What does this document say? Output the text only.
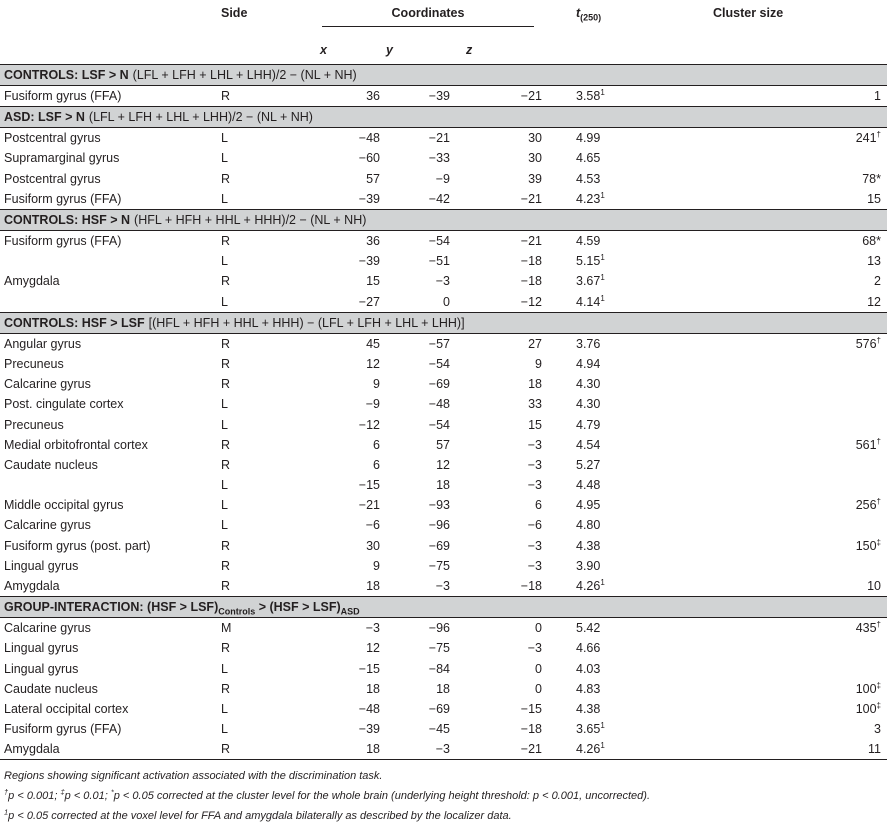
	Side	Coordinates			$t_{(250)}$	Cluster size
		x	y	z		
CONTROLS: LSF > N (LFL + LFH + LHL + LHH)/2 − (NL + NH)						
Fusiform gyrus (FFA)	R	36	−39	−21	3.58$^1$	1
ASD: LSF > N (LFL + LFH + LHL + LHH)/2 − (NL + NH)						
Postcentral gyrus	L	−48	−21	30	4.99	241†
Supramarginal gyrus	L	−60	−33	30	4.65	
Postcentral gyrus	R	57	−9	39	4.53	78*
Fusiform gyrus (FFA)	L	−39	−42	−21	4.23$^1$	15
CONTROLS: HSF > N (HFL + HFH + HHL + HHH)/2 − (NL + NH)						
Fusiform gyrus (FFA)	R	36	−54	−21	4.59	68*
	L	−39	−51	−18	5.15$^1$	13
Amygdala	R	15	−3	−18	3.67$^1$	2
	L	−27	0	−12	4.14$^1$	12
CONTROLS: HSF > LSF [(HFL + HFH + HHL + HHH) − (LFL + LFH + LHL + LHH)]						
Angular gyrus	R	45	−57	27	3.76	576†
Precuneus	R	12	−54	9	4.94	
Calcarine gyrus	R	9	−69	18	4.30	
Post. cingulate cortex	L	−9	−48	33	4.30	
Precuneus	L	−12	−54	15	4.79	
Medial orbitofrontal cortex	R	6	57	−3	4.54	561†
Caudate nucleus	R	6	12	−3	5.27	
	L	−15	18	−3	4.48	
Middle occipital gyrus	L	−21	−93	6	4.95	256†
Calcarine gyrus	L	−6	−96	−6	4.80	
Fusiform gyrus (post. part)	R	30	−69	−3	4.38	150‡
Lingual gyrus	R	9	−75	−3	3.90	
Amygdala	R	18	−3	−18	4.26$^1$	10
GROUP-INTERACTION: $(HSF > LSF)_{Controls} > (HSF > LSF)_{ASD}$
Calcarine gyrus	M	−3	−96	0	5.42	435†
Lingual gyrus	R	12	−75	−3	4.66	
Lingual gyrus	L	−15	−84	0	4.03	
Caudate nucleus	R	18	18	0	4.83	100‡
Lateral occipital cortex	L	−48	−69	−15	4.38	100‡
Fusiform gyrus (FFA)	L	−39	−45	−18	3.65$^1$	3
Amygdala	R	18	−3	−21	4.26$^1$	11
Regions showing significant activation associated with the discrimination task.
†p < 0.001; ‡p < 0.01; *p < 0.05 corrected at the cluster level for the whole brain (underlying height threshold: p < 0.001, uncorrected).
$^1$p < 0.05 corrected at the voxel level for FFA and amygdala bilaterally as described by the localizer data.
